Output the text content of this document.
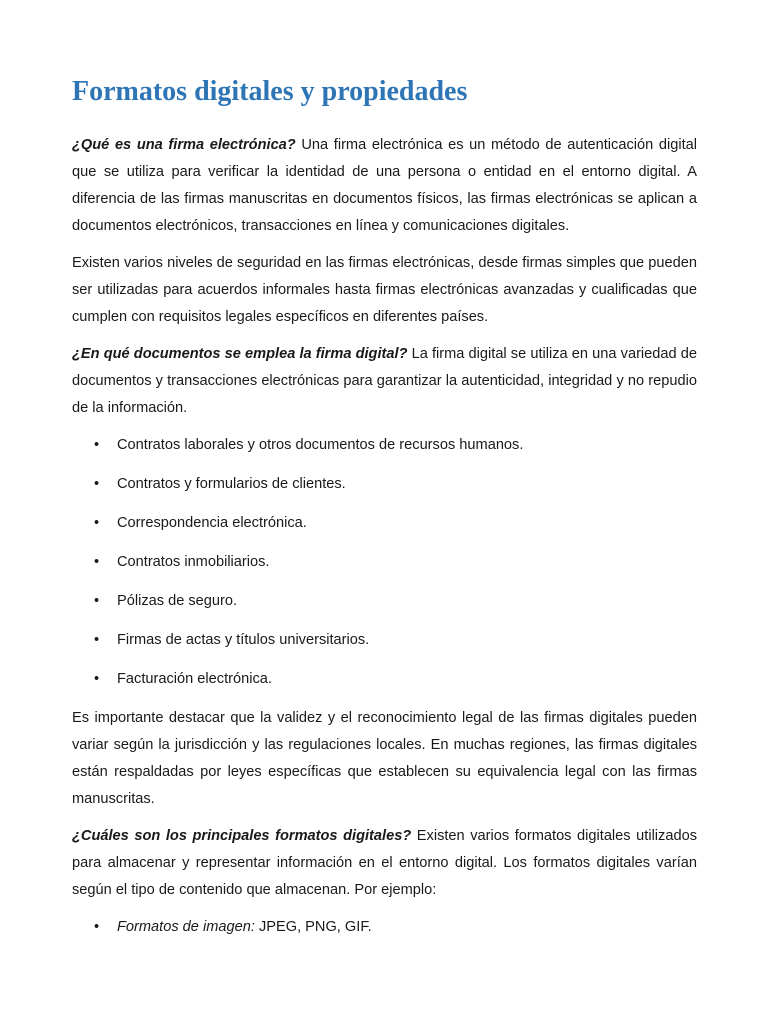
Formatos digitales y propiedades

¿Qué es una firma electrónica? Una firma electrónica es un método de autenticación digital que se utiliza para verificar la identidad de una persona o entidad en el entorno digital. A diferencia de las firmas manuscritas en documentos físicos, las firmas electrónicas se aplican a documentos electrónicos, transacciones en línea y comunicaciones digitales.

Existen varios niveles de seguridad en las firmas electrónicas, desde firmas simples que pueden ser utilizadas para acuerdos informales hasta firmas electrónicas avanzadas y cualificadas que cumplen con requisitos legales específicos en diferentes países.

¿En qué documentos se emplea la firma digital? La firma digital se utiliza en una variedad de documentos y transacciones electrónicas para garantizar la autenticidad, integridad y no repudio de la información.

• Contratos laborales y otros documentos de recursos humanos.
• Contratos y formularios de clientes.
• Correspondencia electrónica.
• Contratos inmobiliarios.
• Pólizas de seguro.
• Firmas de actas y títulos universitarios.
• Facturación electrónica.

Es importante destacar que la validez y el reconocimiento legal de las firmas digitales pueden variar según la jurisdicción y las regulaciones locales. En muchas regiones, las firmas digitales están respaldadas por leyes específicas que establecen su equivalencia legal con las firmas manuscritas.

¿Cuáles son los principales formatos digitales? Existen varios formatos digitales utilizados para almacenar y representar información en el entorno digital. Los formatos digitales varían según el tipo de contenido que almacenan. Por ejemplo:

• Formatos de imagen: JPEG, PNG, GIF.
